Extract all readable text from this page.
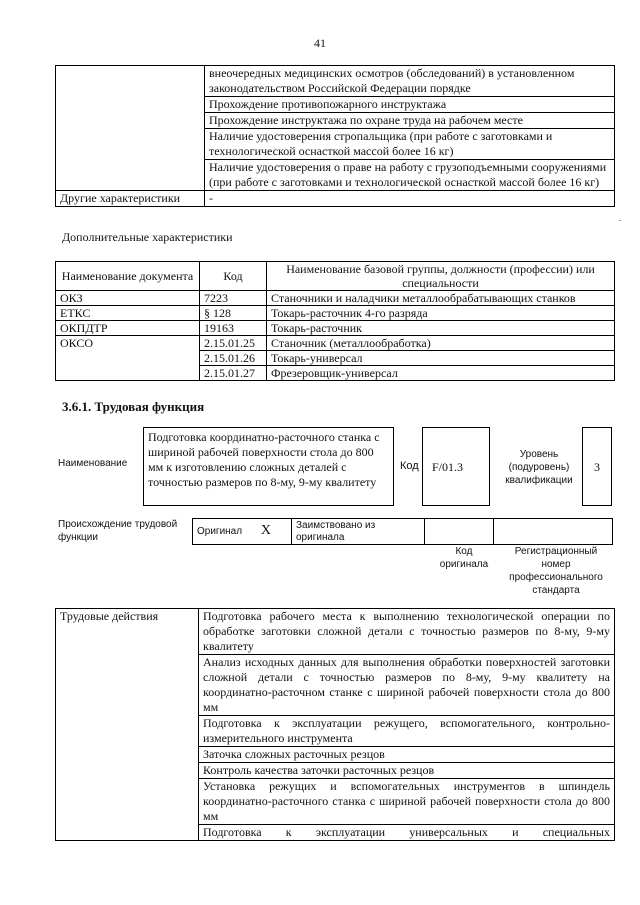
41
	внеочередных медицинских осмотров (обследований) в установленном законодательством Российской Федерации порядке
	Прохождение противопожарного инструктажа
	Прохождение инструктажа по охране труда на рабочем месте
	Наличие удостоверения стропальщика (при работе с заготовками и технологической оснасткой массой более 16 кг)
	Наличие удостоверения о праве на работу с грузоподъемными сооружениями (при работе с заготовками и технологической оснасткой массой более 16 кг)
Другие характеристики	-
Дополнительные характеристики
Наименование документа	Код	Наименование базовой группы, должности (профессии) или специальности
ОКЗ	7223	Станочники и наладчики металлообрабатывающих станков
ЕТКС	§ 128	Токарь-расточник 4-го разряда
ОКПДТР	19163	Токарь-расточник
ОКСО	2.15.01.25	Станочник (металлообработка)
	2.15.01.26	Токарь-универсал
	2.15.01.27	Фрезеровщик-универсал
3.6.1. Трудовая функция
Наименование
Подготовка координатно-расточного станка с шириной рабочей поверхности стола до 800 мм к изготовлению сложных деталей с точностью размеров по 8-му, 9-му квалитету
Код	F/01.3
Уровень (подуровень) квалификации
3
Происхождение трудовой функции
Оригинал X	Заимствовано из оригинала		
Код оригинала
Регистрационный номер профессионального стандарта
Трудовые действия	Подготовка рабочего места к выполнению технологической операции по обработке заготовки сложной детали с точностью размеров по 8-му, 9-му квалитету
Анализ исходных данных для выполнения обработки поверхностей заготовки сложной детали с точностью размеров по 8-му, 9-му квалитету на координатно-расточном станке с шириной рабочей поверхности стола до 800 мм
Подготовка к эксплуатации режущего, вспомогательного, контрольно-измерительного инструмента
Заточка сложных расточных резцов
Контроль качества заточки расточных резцов
Установка режущих и вспомогательных инструментов в шпиндель координатно-расточного станка с шириной рабочей поверхности стола до 800 мм
Подготовка к эксплуатации универсальных и специальных
